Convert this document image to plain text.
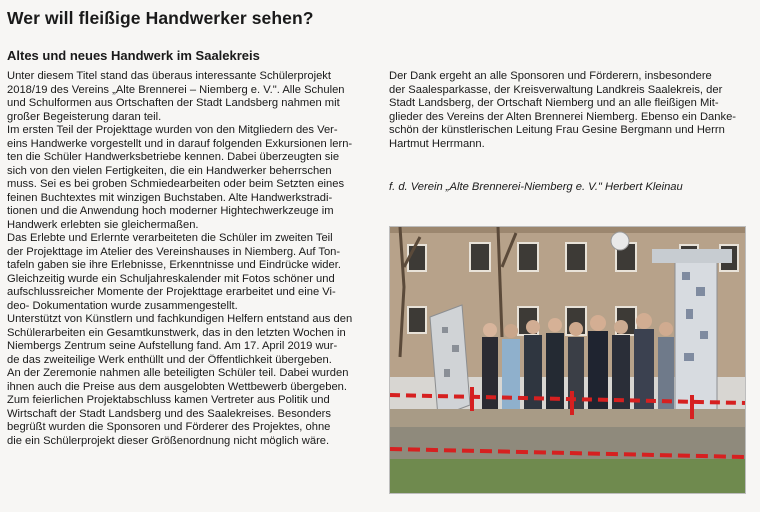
Wer will fleißige Handwerker sehen?
Altes und neues Handwerk im Saalekreis
Unter diesem Titel stand das überaus interessante Schülerprojekt
2018/19 des Vereins „Alte Brennerei – Niemberg e. V.". Alle Schulen
und Schulformen aus Ortschaften der Stadt Landsberg nahmen mit
großer Begeisterung daran teil.
Im ersten Teil der Projekttage wurden von den Mitgliedern des Ver-
eins Handwerke vorgestellt und in darauf folgenden Exkursionen lern-
ten die Schüler Handwerksbetriebe kennen. Dabei überzeugten sie
sich von den vielen Fertigkeiten, die ein Handwerker beherrschen
muss. Sei es bei groben Schmiedearbeiten oder beim Setzten eines
feinen Buchtextes mit winzigen Buchstaben. Alte Handwerkstradi-
tionen und die Anwendung hoch moderner Hightechwerkzeuge im
Handwerk erlebten sie gleichermaßen.
Das Erlebte und Erlernte verarbeiteten die Schüler im zweiten Teil
der Projekttage im Atelier des Vereinshauses in Niemberg. Auf Ton-
tafeln gaben sie ihre Erlebnisse, Erkenntnisse und Eindrücke wider.
Gleichzeitig wurde ein Schuljahreskalender mit Fotos schöner und
aufschlussreicher Momente der Projekttage erarbeitet und eine Vi-
deo- Dokumentation wurde zusammengestellt.
Unterstützt von Künstlern und fachkundigen Helfern entstand aus den
Schülerarbeiten ein Gesamtkunstwerk, das in den letzten Wochen in
Niembergs Zentrum seine Aufstellung fand. Am 17. April 2019 wur-
de das zweiteilige Werk enthüllt und der Öffentlichkeit übergeben.
An der Zeremonie nahmen alle beteiligten Schüler teil. Dabei wurden
ihnen auch die Preise aus dem ausgelobten Wettbewerb übergeben.
Zum feierlichen Projektabschluss kamen Vertreter aus Politik und
Wirtschaft der Stadt Landsberg und des Saalekreises. Besonders
begrüßt wurden die Sponsoren und Förderer des Projektes, ohne
die ein Schülerprojekt dieser Größenordnung nicht möglich wäre.
Der Dank ergeht an alle Sponsoren und Förderern, insbesondere
der Saalesparkasse, der Kreisverwaltung Landkreis Saalekreis, der
Stadt Landsberg, der Ortschaft Niemberg und an alle fleißigen Mit-
glieder des Vereins der Alten Brennerei Niemberg. Ebenso ein Danke-
schön der künstlerischen Leitung Frau Gesine Bergmann und Herrn
Hartmut Herrmann.
f. d. Verein „Alte Brennerei-Niemberg e. V." Herbert Kleinau
